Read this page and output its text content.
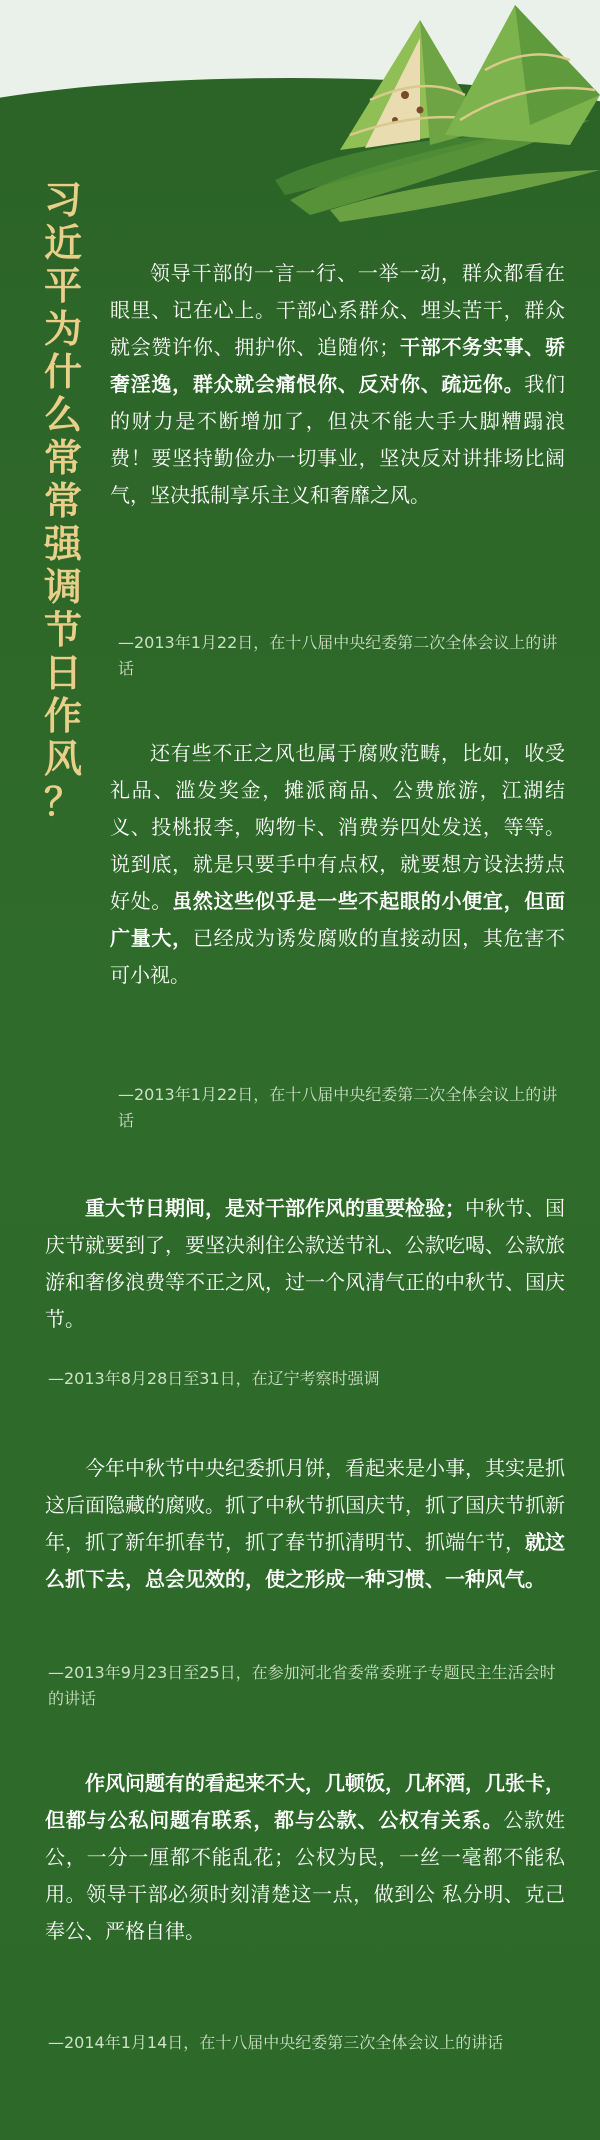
习
近
平
为
什
么
常
常
强
调
节
日
作
风
？

领导干部的一言一行、一举一动，群众都看在眼里、记在心上。干部心系群众、埋头苦干，群众就会赞许你、拥护你、追随你；干部不务实事、骄奢淫逸，群众就会痛恨你、反对你、疏远你。我们的财力是不断增加了，但决不能大手大脚糟蹋浪费！要坚持勤俭办一切事业，坚决反对讲排场比阔气，坚决抵制享乐主义和奢靡之风。

—2013年1月22日，在十八届中央纪委第二次全体会议上的讲话

还有些不正之风也属于腐败范畴，比如，收受礼品、滥发奖金，摊派商品、公费旅游，江湖结义、投桃报李，购物卡、消费券四处发送，等等。说到底，就是只要手中有点权，就要想方设法捞点好处。虽然这些似乎是一些不起眼的小便宜，但面广量大，已经成为诱发腐败的直接动因，其危害不可小视。

—2013年1月22日，在十八届中央纪委第二次全体会议上的讲话

重大节日期间，是对干部作风的重要检验；中秋节、国庆节就要到了，要坚决刹住公款送节礼、公款吃喝、公款旅游和奢侈浪费等不正之风，过一个风清气正的中秋节、国庆节。

—2013年8月28日至31日，在辽宁考察时强调

今年中秋节中央纪委抓月饼，看起来是小事，其实是抓这后面隐藏的腐败。抓了中秋节抓国庆节，抓了国庆节抓新年，抓了新年抓春节，抓了春节抓清明节、抓端午节，就这么抓下去，总会见效的，使之形成一种习惯、一种风气。

—2013年9月23日至25日，在参加河北省委常委班子专题民主生活会时的讲话

作风问题有的看起来不大，几顿饭，几杯酒，几张卡，但都与公私问题有联系，都与公款、公权有关系。公款姓公，一分一厘都不能乱花；公权为民，一丝一毫都不能私用。领导干部必须时刻清楚这一点，做到公 私分明、克己奉公、严格自律。

—2014年1月14日，在十八届中央纪委第三次全体会议上的讲话
